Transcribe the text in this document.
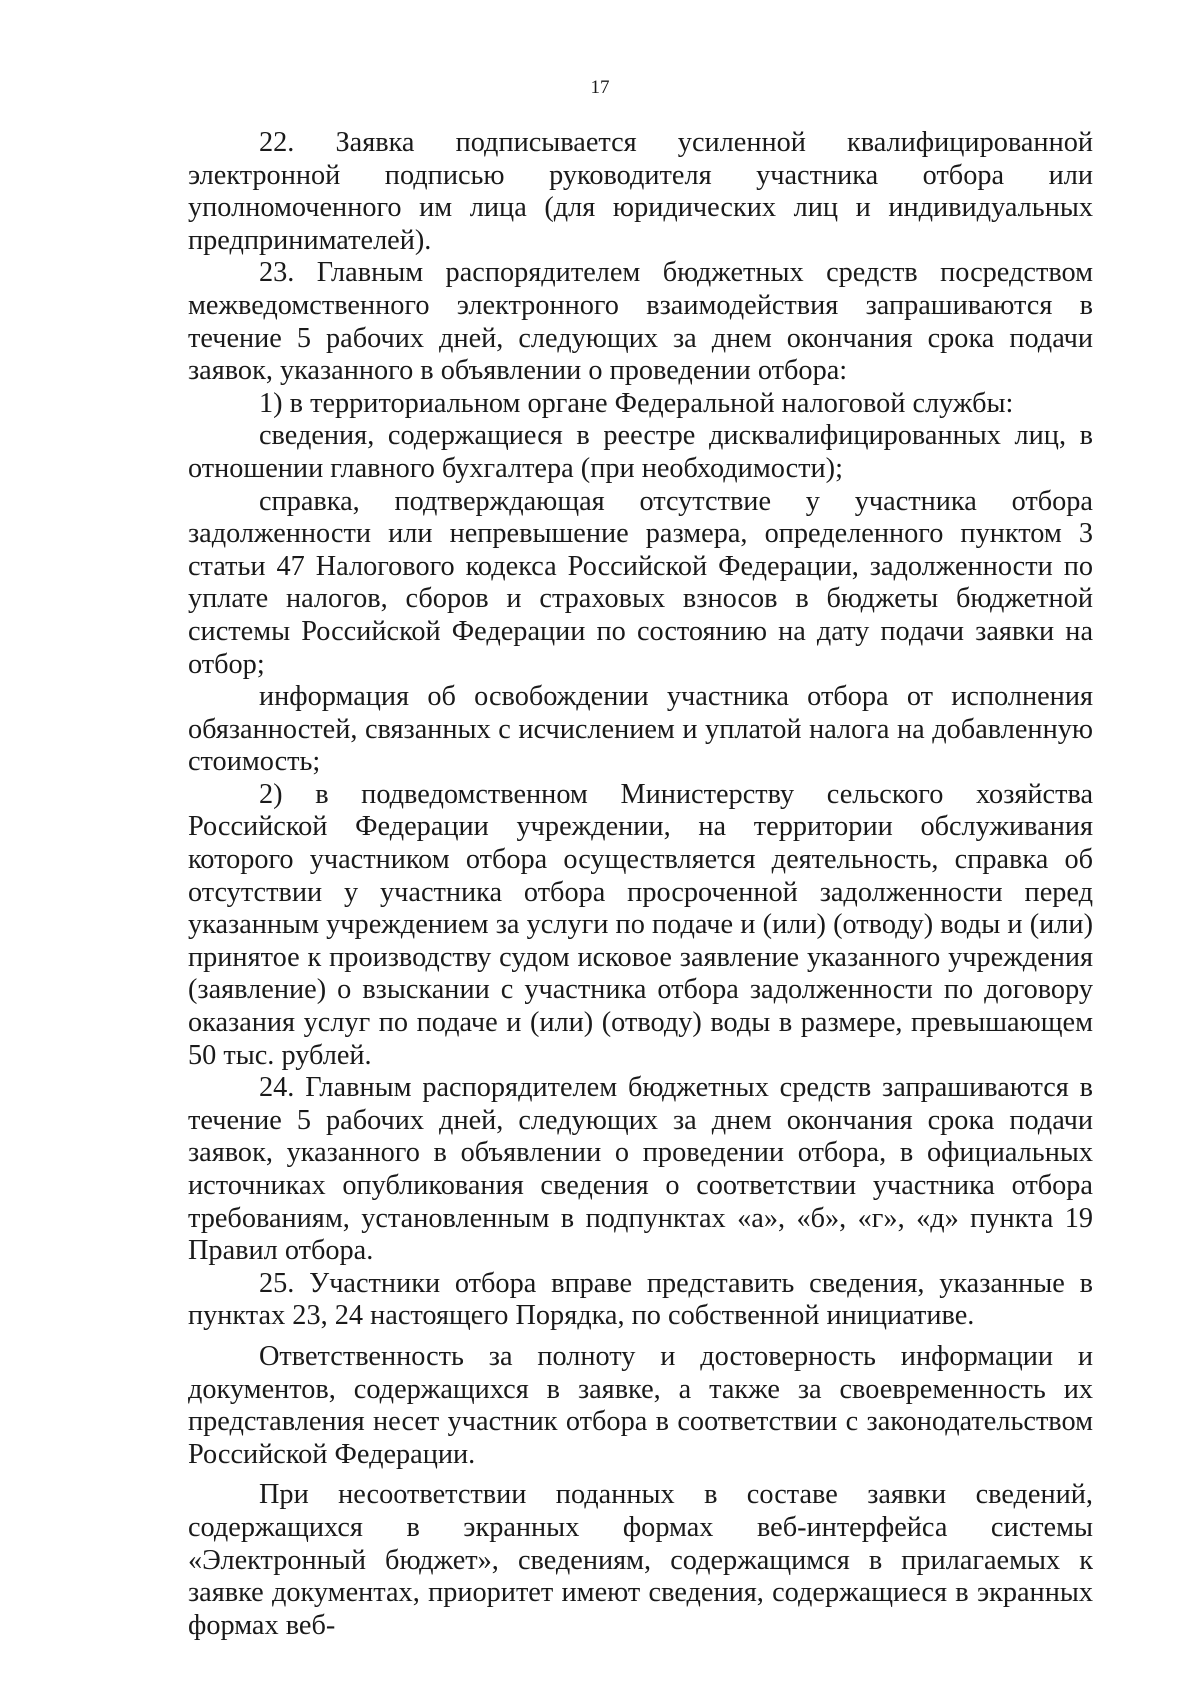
17

22. Заявка подписывается усиленной квалифицированной электронной подписью руководителя участника отбора или уполномоченного им лица (для юридических лиц и индивидуальных предпринимателей).

23. Главным распорядителем бюджетных средств посредством межведомственного электронного взаимодействия запрашиваются в течение 5 рабочих дней, следующих за днем окончания срока подачи заявок, указанного в объявлении о проведении отбора:

1) в территориальном органе Федеральной налоговой службы:

сведения, содержащиеся в реестре дисквалифицированных лиц, в отношении главного бухгалтера (при необходимости);

справка, подтверждающая отсутствие у участника отбора задолженности или непревышение размера, определенного пунктом 3 статьи 47 Налогового кодекса Российской Федерации, задолженности по уплате налогов, сборов и страховых взносов в бюджеты бюджетной системы Российской Федерации по состоянию на дату подачи заявки на отбор;

информация об освобождении участника отбора от исполнения обязанностей, связанных с исчислением и уплатой налога на добавленную стоимость;

2) в подведомственном Министерству сельского хозяйства Российской Федерации учреждении, на территории обслуживания которого участником отбора осуществляется деятельность, справка об отсутствии у участника отбора просроченной задолженности перед указанным учреждением за услуги по подаче и (или) (отводу) воды и (или) принятое к производству судом исковое заявление указанного учреждения (заявление) о взыскании с участника отбора задолженности по договору оказания услуг по подаче и (или) (отводу) воды в размере, превышающем 50 тыс. рублей.

24. Главным распорядителем бюджетных средств запрашиваются в течение 5 рабочих дней, следующих за днем окончания срока подачи заявок, указанного в объявлении о проведении отбора, в официальных источниках опубликования сведения о соответствии участника отбора требованиям, установленным в подпунктах «а», «б», «г», «д» пункта 19 Правил отбора.

25. Участники отбора вправе представить сведения, указанные в пунктах 23, 24 настоящего Порядка, по собственной инициативе.

Ответственность за полноту и достоверность информации и документов, содержащихся в заявке, а также за своевременность их представления несет участник отбора в соответствии с законодательством Российской Федерации.

При несоответствии поданных в составе заявки сведений, содержащихся в экранных формах веб-интерфейса системы «Электронный бюджет», сведениям, содержащимся в прилагаемых к заявке документах, приоритет имеют сведения, содержащиеся в экранных формах веб-
